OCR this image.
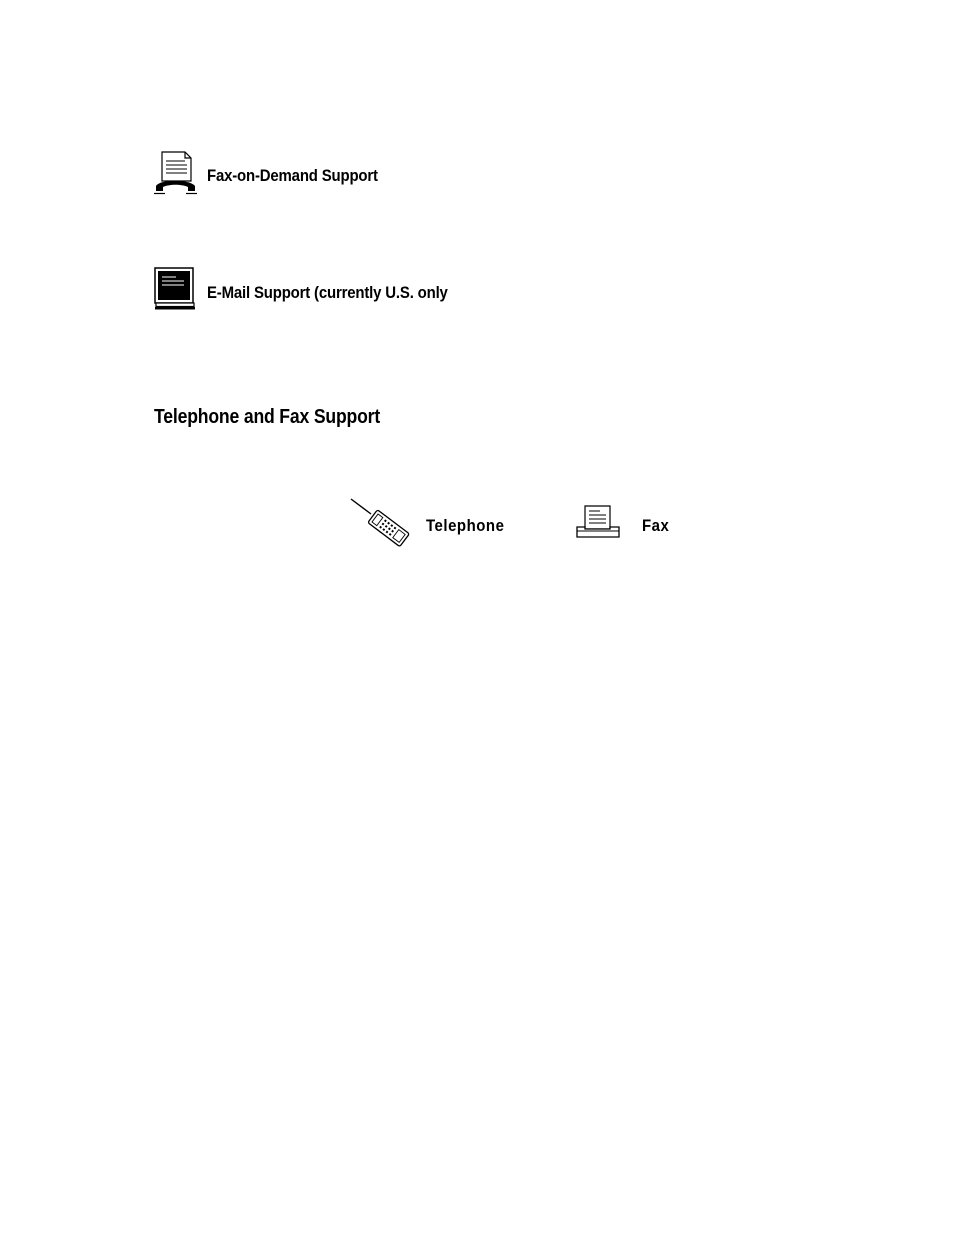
Fax-on-Demand Support
E-Mail Support (currently U.S. only
Telephone and Fax Support
Telephone	Fax
